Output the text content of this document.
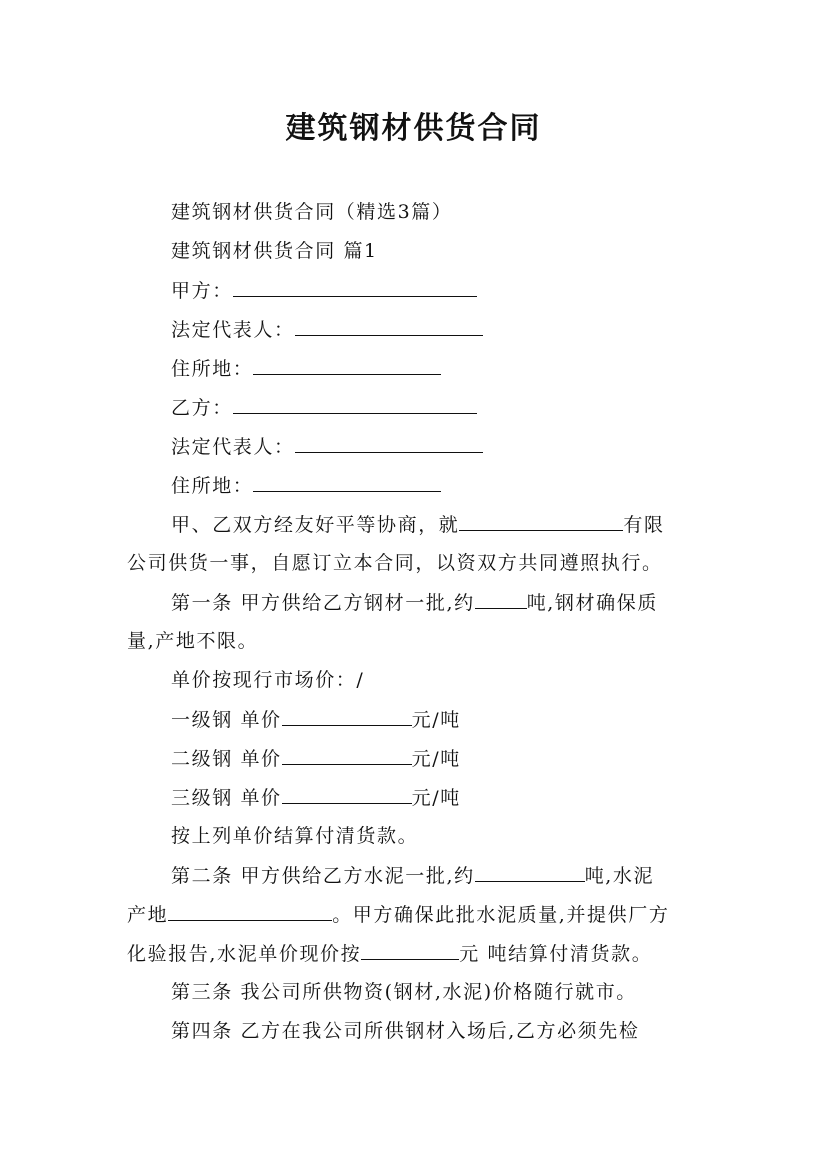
建筑钢材供货合同
建筑钢材供货合同（精选3篇）
建筑钢材供货合同 篇1
甲方：
法定代表人：
住所地：
乙方：
法定代表人：
住所地：
甲、乙双方经友好平等协商，就	有限
公司供货一事，自愿订立本合同，以资双方共同遵照执行。
第一条 甲方供给乙方钢材一批,约	吨,钢材确保质
量,产地不限。
单价按现行市场价：/
一级钢 单价	元/吨
二级钢 单价	元/吨
三级钢 单价	元/吨
按上列单价结算付清货款。
第二条 甲方供给乙方水泥一批,约	吨,水泥
产地	。甲方确保此批水泥质量,并提供厂方
化验报告,水泥单价现价按	元 吨结算付清货款。
第三条 我公司所供物资(钢材,水泥)价格随行就市。
第四条 乙方在我公司所供钢材入场后,乙方必须先检
